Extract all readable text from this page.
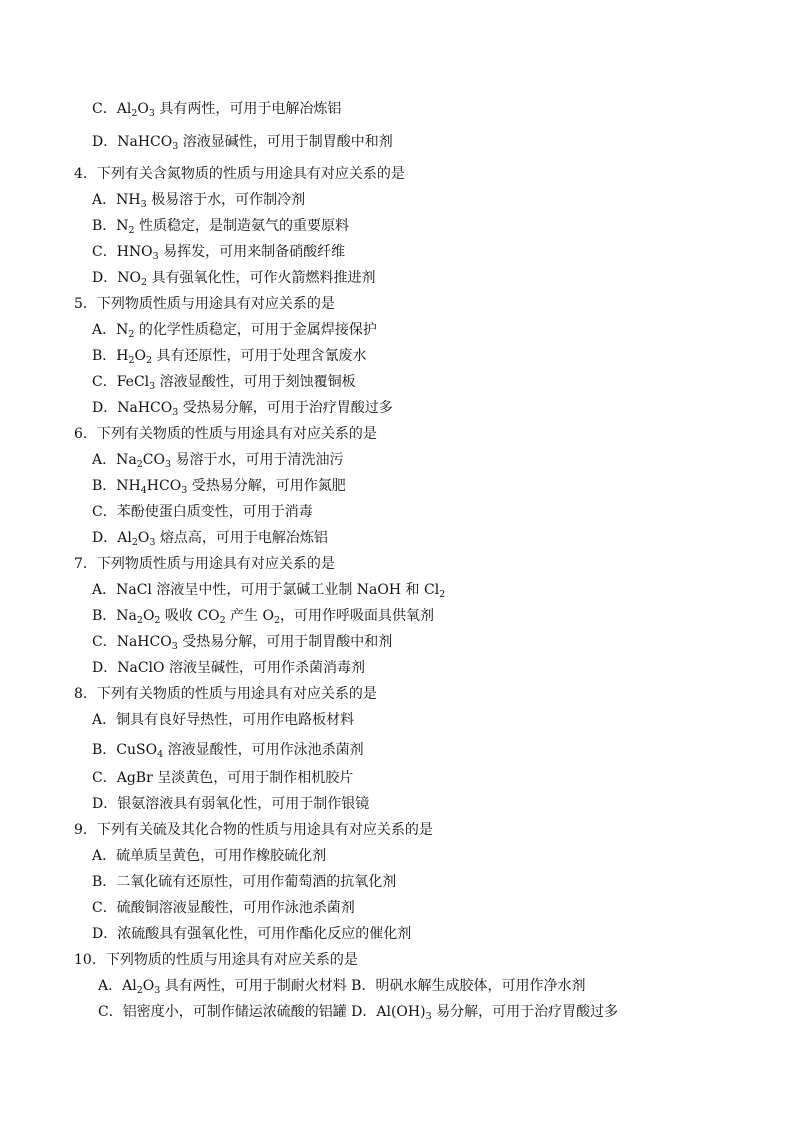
C．$Al_2O_3$ 具有两性，可用于电解冶炼铝
D．NaHCO$_3$ 溶液显碱性，可用于制胃酸中和剂
4．下列有关含氮物质的性质与用途具有对应关系的是
A．$NH_3$ 极易溶于水，可作制冷剂
B．$N_2$ 性质稳定，是制造氨气的重要原料
C．$HNO_3$ 易挥发，可用来制备硝酸纤维
D．$NO_2$ 具有强氧化性，可作火箭燃料推进剂
5．下列物质性质与用途具有对应关系的是
A．$N_2$ 的化学性质稳定，可用于金属焊接保护
B．$H_2O_2$ 具有还原性，可用于处理含氰废水
C．FeCl$_3$ 溶液显酸性，可用于刻蚀覆铜板
D．NaHCO$_3$ 受热易分解，可用于治疗胃酸过多
6．下列有关物质的性质与用途具有对应关系的是
A．$Na_2CO_3$ 易溶于水，可用于清洗油污
B．$NH_4HCO_3$ 受热易分解，可用作氮肥
C．苯酚使蛋白质变性，可用于消毒
D．$Al_2O_3$ 熔点高，可用于电解冶炼铝
7．下列物质性质与用途具有对应关系的是
A．NaCl 溶液呈中性，可用于氯碱工业制 NaOH 和 $Cl_2$
B．$Na_2O_2$ 吸收 $CO_2$ 产生 $O_2$，可用作呼吸面具供氧剂
C．NaHCO$_3$ 受热易分解，可用于制胃酸中和剂
D．NaClO 溶液呈碱性，可用作杀菌消毒剂
8．下列有关物质的性质与用途具有对应关系的是
A．铜具有良好导热性，可用作电路板材料
B．CuSO$_4$ 溶液显酸性，可用作泳池杀菌剂
C．AgBr 呈淡黄色，可用于制作相机胶片
D．银氨溶液具有弱氧化性，可用于制作银镜
9．下列有关硫及其化合物的性质与用途具有对应关系的是
A．硫单质呈黄色，可用作橡胶硫化剂
B．二氧化硫有还原性，可用作葡萄酒的抗氧化剂
C．硫酸铜溶液显酸性，可用作泳池杀菌剂
D．浓硫酸具有强氧化性，可用作酯化反应的催化剂
10．下列物质的性质与用途具有对应关系的是
A．$Al_2O_3$ 具有两性，可用于制耐火材料 B．明矾水解生成胶体，可用作净水剂
C．铝密度小，可制作储运浓硫酸的铝罐 D．$Al(OH)_3$ 易分解，可用于治疗胃酸过多
